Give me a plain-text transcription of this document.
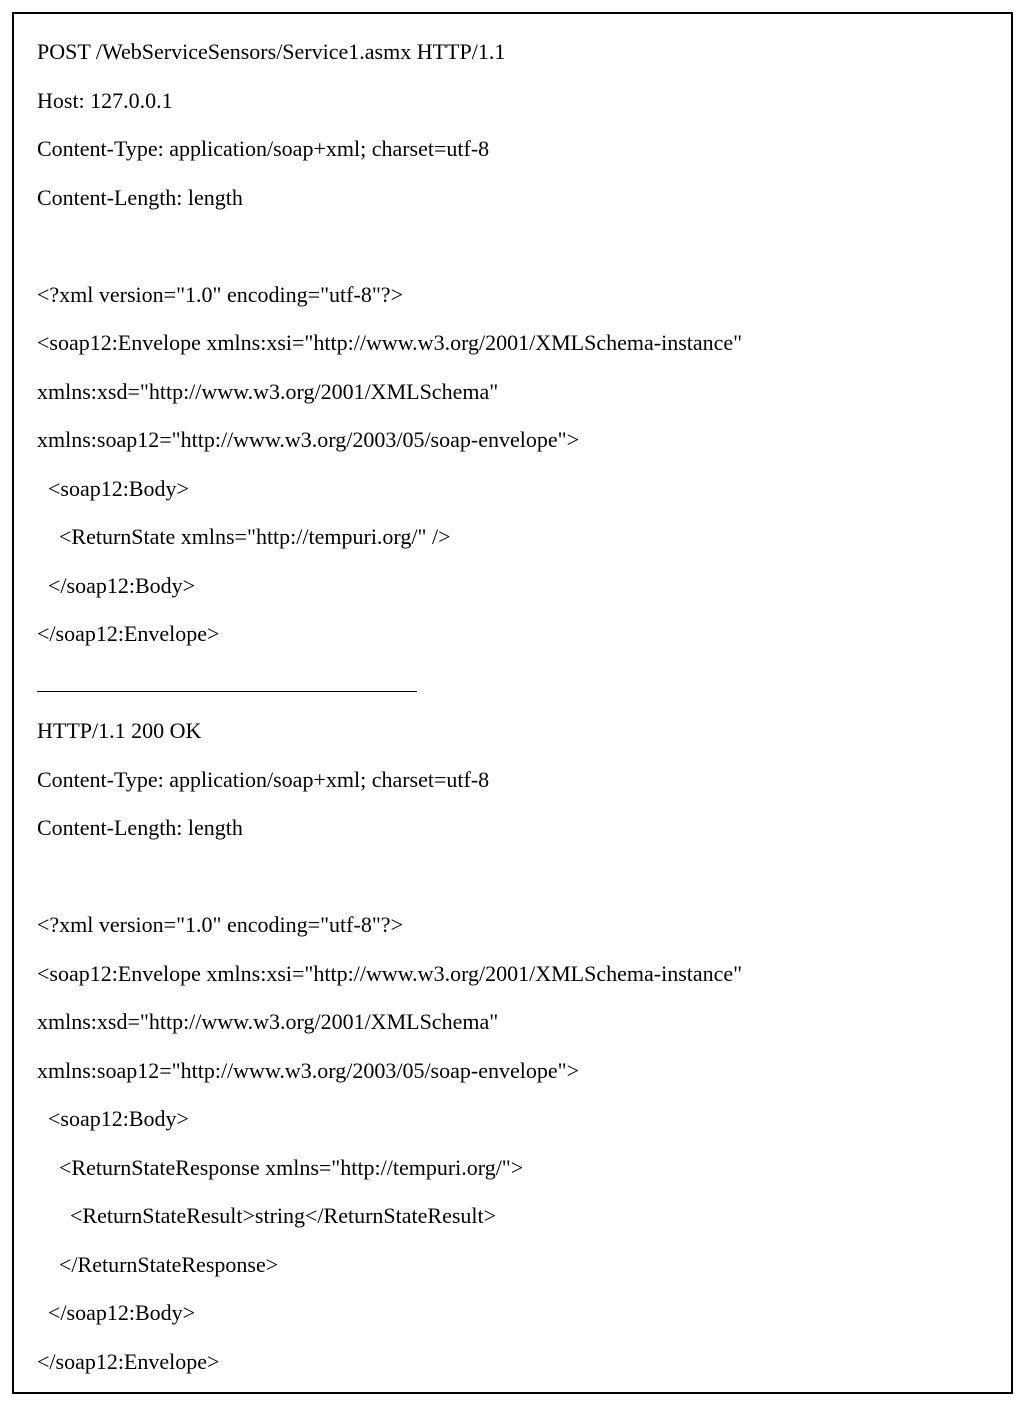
POST /WebServiceSensors/Service1.asmx HTTP/1.1
Host: 127.0.0.1
Content-Type: application/soap+xml; charset=utf-8
Content-Length: length
<?xml version="1.0" encoding="utf-8"?>
<soap12:Envelope xmlns:xsi="http://www.w3.org/2001/XMLSchema-instance"
xmlns:xsd="http://www.w3.org/2001/XMLSchema"
xmlns:soap12="http://www.w3.org/2003/05/soap-envelope">
<soap12:Body>
<ReturnState xmlns="http://tempuri.org/" />
</soap12:Body>
</soap12:Envelope>
HTTP/1.1 200 OK
Content-Type: application/soap+xml; charset=utf-8
Content-Length: length
<?xml version="1.0" encoding="utf-8"?>
<soap12:Envelope xmlns:xsi="http://www.w3.org/2001/XMLSchema-instance"
xmlns:xsd="http://www.w3.org/2001/XMLSchema"
xmlns:soap12="http://www.w3.org/2003/05/soap-envelope">
<soap12:Body>
<ReturnStateResponse xmlns="http://tempuri.org/">
<ReturnStateResult>string</ReturnStateResult>
</ReturnStateResponse>
</soap12:Body>
</soap12:Envelope>
